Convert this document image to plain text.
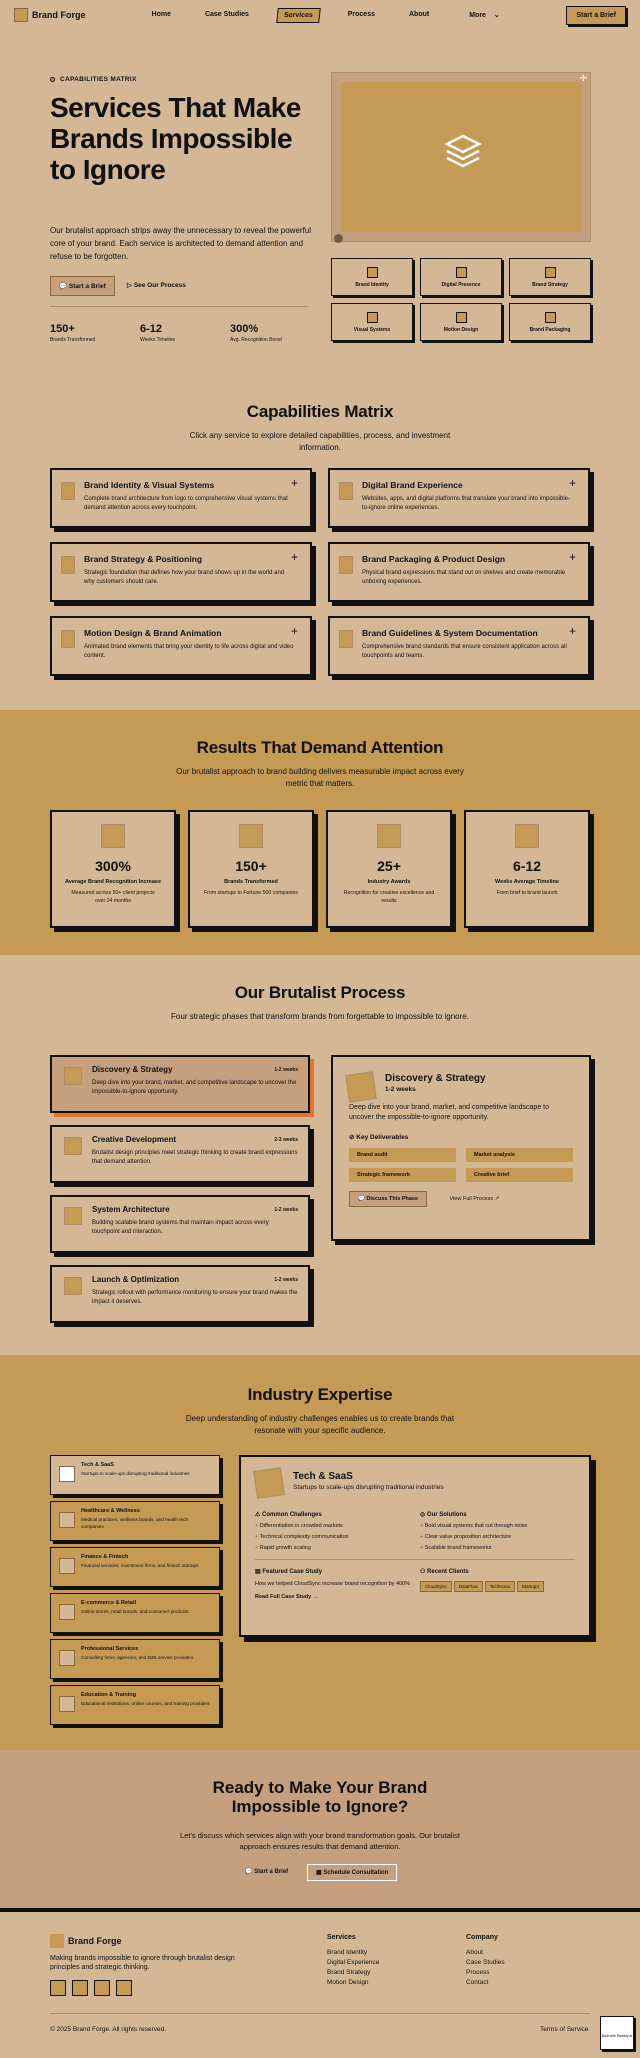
Brand Forge	Home	Case Studies	Services	Process	About	More ⌄	Start a Brief
CAPABILITIES MATRIX
Services That Make Brands Impossible to Ignore
Our brutalist approach strips away the unnecessary to reveal the powerful core of your brand. Each service is architected to demand attention and refuse to be forgotten.
💬 Start a Brief	▷ See Our Process
150+
Brands Transformed
6-12
Weeks Timeline
300%
Avg. Recognition Boost
✢
Brand Identity	Digital Presence	Brand Strategy
Visual Systems	Motion Design	Brand Packaging
Capabilities Matrix
Click any service to explore detailed capabilities, process, and investment information.
Brand Identity & Visual Systems

Complete brand architecture from logo to comprehensive visual systems that demand attention across every touchpoint.

+	Digital Brand Experience

Websites, apps, and digital platforms that translate your brand into impossible-to-ignore online experiences.

+
Brand Strategy & Positioning

Strategic foundation that defines how your brand shows up in the world and why customers should care.

+	Brand Packaging & Product Design

Physical brand expressions that stand out on shelves and create memorable unboxing experiences.

+
Motion Design & Brand Animation

Animated brand elements that bring your identity to life across digital and video content.

+	Brand Guidelines & System Documentation

Comprehensive brand standards that ensure consistent application across all touchpoints and teams.

+
Results That Demand Attention
Our brutalist approach to brand building delivers measurable impact across every metric that matters.
300%
Average Brand Recognition Increase
Measured across 50+ client projects over 24 months
150+
Brands Transformed
From startups to Fortune 500 companies
25+
Industry Awards
Recognition for creative excellence and results
6-12
Weeks Average Timeline
From brief to brand launch
Our Brutalist Process
Four strategic phases that transform brands from forgettable to impossible to ignore.
Discovery & Strategy	1-2 weeks

Deep dive into your brand, market, and competitive landscape to uncover the impossible-to-ignore opportunity.

Creative Development	2-3 weeks

Brutalist design principles meet strategic thinking to create brand expressions that demand attention.

System Architecture	1-2 weeks

Building scalable brand systems that maintain impact across every touchpoint and interaction.

Launch & Optimization	1-2 weeks

Strategic rollout with performance monitoring to ensure your brand makes the impact it deserves.

Discovery & Strategy
1-2 weeks

Deep dive into your brand, market, and competitive landscape to uncover the impossible-to-ignore opportunity.

⊘ Key Deliverables
Brand audit	Market analysis
Strategic framework	Creative brief
💬 Discuss This Phase	View Full Process ↗
Industry Expertise
Deep understanding of industry challenges enables us to create brands that resonate with your specific audience.
Tech & SaaS

Startups to scale-ups disrupting traditional industries

Healthcare & Wellness

Medical practices, wellness brands, and health tech companies

Finance & Fintech

Financial services, investment firms, and fintech startups

E-commerce & Retail

Online stores, retail brands, and consumer products

Professional Services

Consulting firms, agencies, and B2B service providers

Education & Training

Educational institutions, online courses, and training providers

Tech & SaaS
Startups to scale-ups disrupting traditional industries
⚠ Common Challenges
+ Differentiation in crowded markets
+ Technical complexity communication
+ Rapid growth scaling
◎ Our Solutions
+ Bold visual systems that cut through noise
+ Clear value proposition architecture
+ Scalable brand frameworks
▤ Featured Case Study

How we helped CloudSync increase brand recognition by 400%

Read Full Case Study →

⚇ Recent Clients
CloudSync	DataFlow	TechNova	StartupX
Ready to Make Your Brand Impossible to Ignore?

Let's discuss which services align with your brand transformation goals. Our brutalist approach ensures results that demand attention.

💬 Start a Brief	▦ Schedule Consultation
Brand Forge
Making brands impossible to ignore through brutalist design principles and strategic thinking.
Services
Brand Identity
Digital Experience
Brand Strategy
Motion Design
Company
About
Case Studies
Process
Contact
© 2025 Brand Forge. All rights reserved.	Terms of Service
Built with Readdy.ai
